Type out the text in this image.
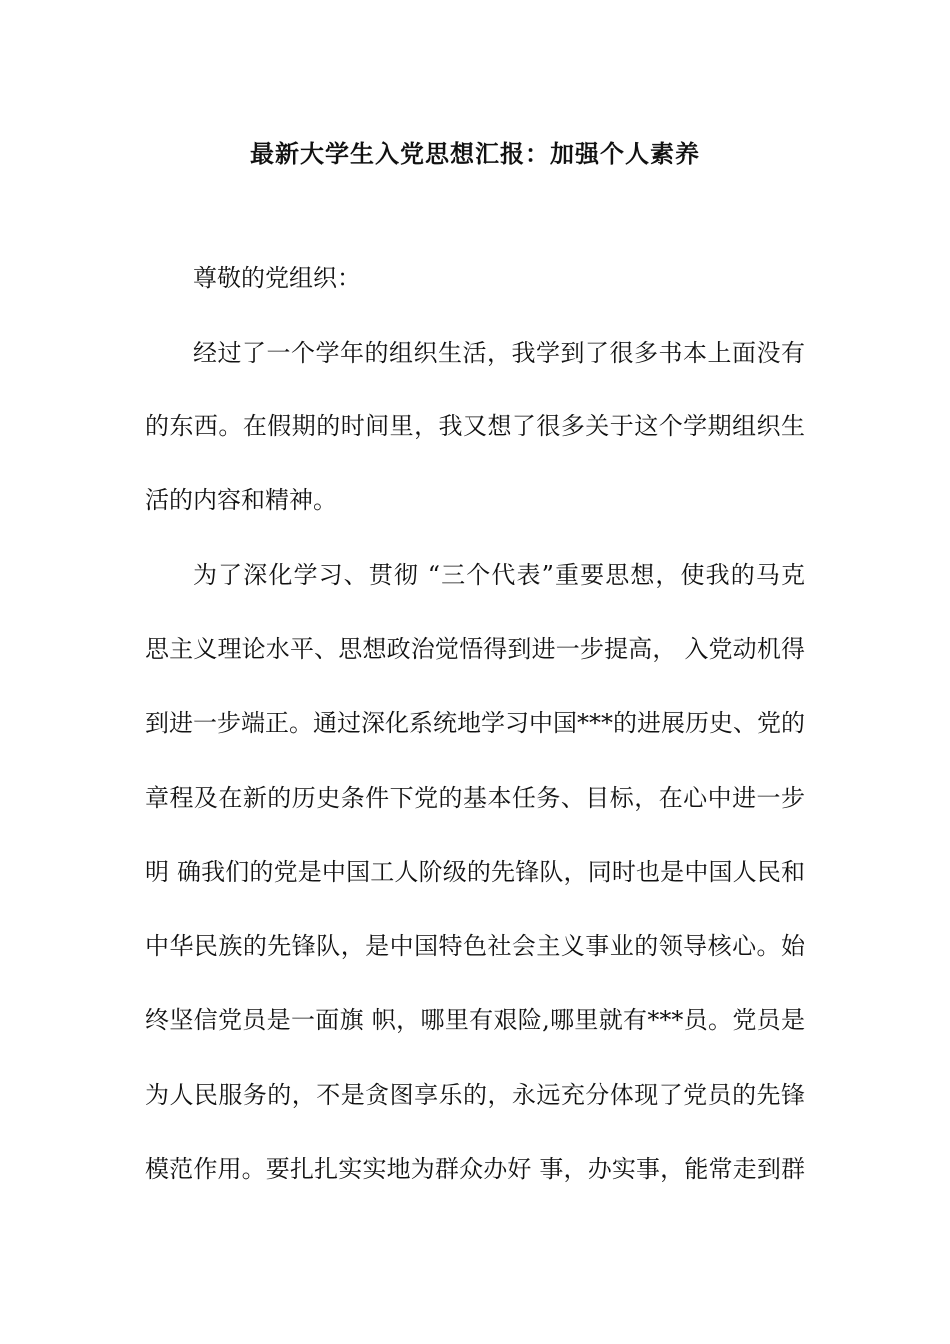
最新大学生入党思想汇报：加强个人素养

尊敬的党组织：

经过了一个学年的组织生活，我学到了很多书本上面没有

的东西。在假期的时间里，我又想了很多关于这个学期组织生

活的内容和精神。

为了深化学习、贯彻 “三个代表”重要思想，使我的马克

思主义理论水平、思想政治觉悟得到进一步提高， 入党动机得

到进一步端正。通过深化系统地学习中国***的进展历史、党的

章程及在新的历史条件下党的基本任务、目标，在心中进一步

明 确我们的党是中国工人阶级的先锋队，同时也是中国人民和

中华民族的先锋队，是中国特色社会主义事业的领导核心。始

终坚信党员是一面旗 帜，哪里有艰险,哪里就有***员。党员是

为人民服务的，不是贪图享乐的，永远充分体现了党员的先锋

模范作用。要扎扎实实地为群众办好 事，办实事，能常走到群
